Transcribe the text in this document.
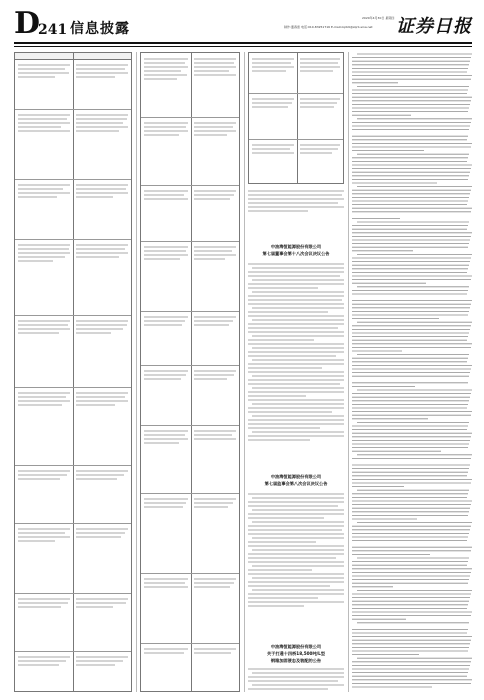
D
241 信息披露
2020年4月30日 星期四
制作:董春雷 电话:010-83251716 E-mail:zqrb9@zqrb.sina.net 证券日报
中油海恒能源股份有限公司
第七届董事会第十八次会议决议公告
中油海恒能源股份有限公司
第七届监事会第八次会议决议公告
中油海恒能源股份有限公司
关于打通十四桥18,500吨/L型
钢箱加固液态及装配的公告
